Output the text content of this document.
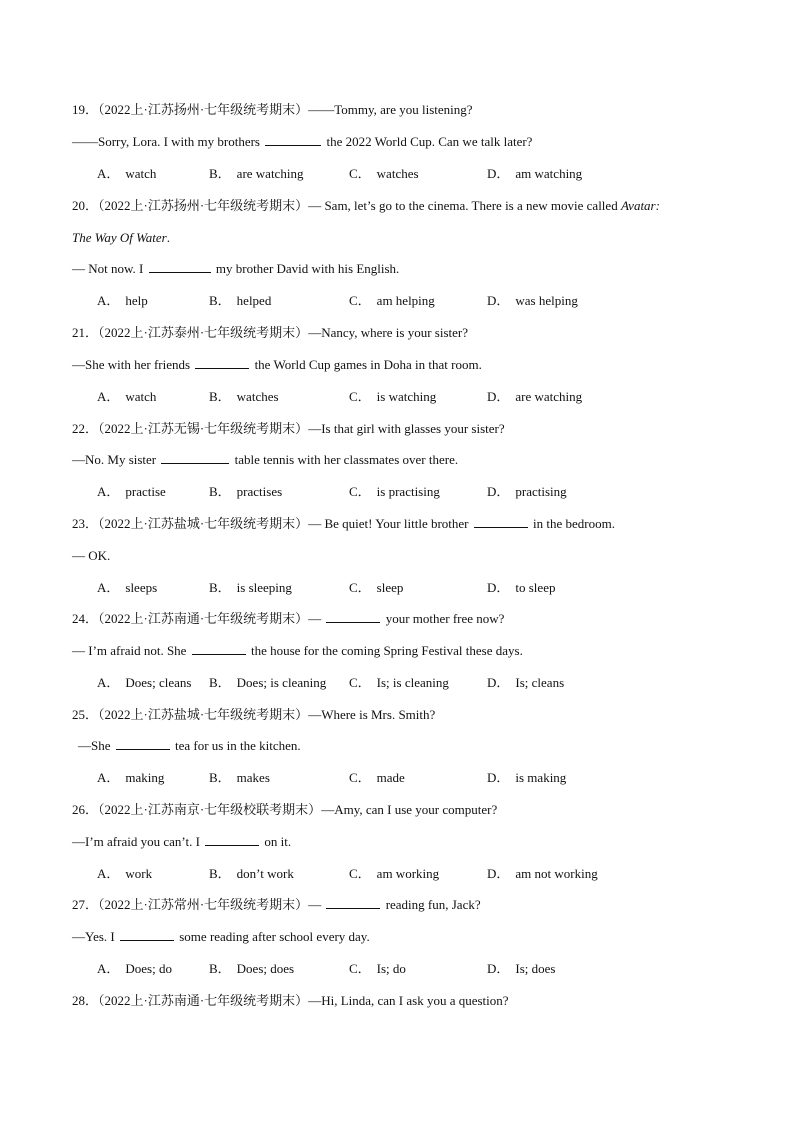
19．（2022上·江苏扬州·七年级统考期末）——Tommy, are you listening?
——Sorry, Lora. I with my brothers	the 2022 World Cup. Can we talk later?
A． watch	B． are watching	C． watches	D． am watching
20．（2022上·江苏扬州·七年级统考期末）— Sam, let’s go to the cinema. There is a new movie called Avatar:
The Way Of Water.
— Not now. I	my brother David with his English.
A． help	B． helped	C． am helping	D． was helping
21．（2022上·江苏泰州·七年级统考期末）—Nancy, where is your sister?
—She with her friends	the World Cup games in Doha in that room.
A． watch	B． watches	C． is watching	D． are watching
22．（2022上·江苏无锡·七年级统考期末）—Is that girl with glasses your sister?
—No. My sister	table tennis with her classmates over there.
A． practise	B． practises	C． is practising	D． practising
23．（2022上·江苏盐城·七年级统考期末）— Be quiet! Your little brother	in the bedroom.
— OK.
A． sleeps	B． is sleeping	C． sleep	D． to sleep
24．（2022上·江苏南通·七年级统考期末）—	your mother free now?
— I’m afraid not. She	the house for the coming Spring Festival these days.
A． Does; cleans B． Does; is cleaning C． Is; is cleaning	D． Is; cleans
25．（2022上·江苏盐城·七年级统考期末）—Where is Mrs. Smith?
—She	tea for us in the kitchen.
A． making	B． makes	C． made	D． is making
26．（2022上·江苏南京·七年级校联考期末）—Amy, can I use your computer?
—I’m afraid you can’t. I	on it.
A． work	B． don’t work	C． am working	D． am not working
27．（2022上·江苏常州·七年级统考期末）—	reading fun, Jack?
—Yes. I	some reading after school every day.
A． Does; do	B． Does; does	C． Is; do	D． Is; does
28．（2022上·江苏南通·七年级统考期末）—Hi, Linda, can I ask you a question?
